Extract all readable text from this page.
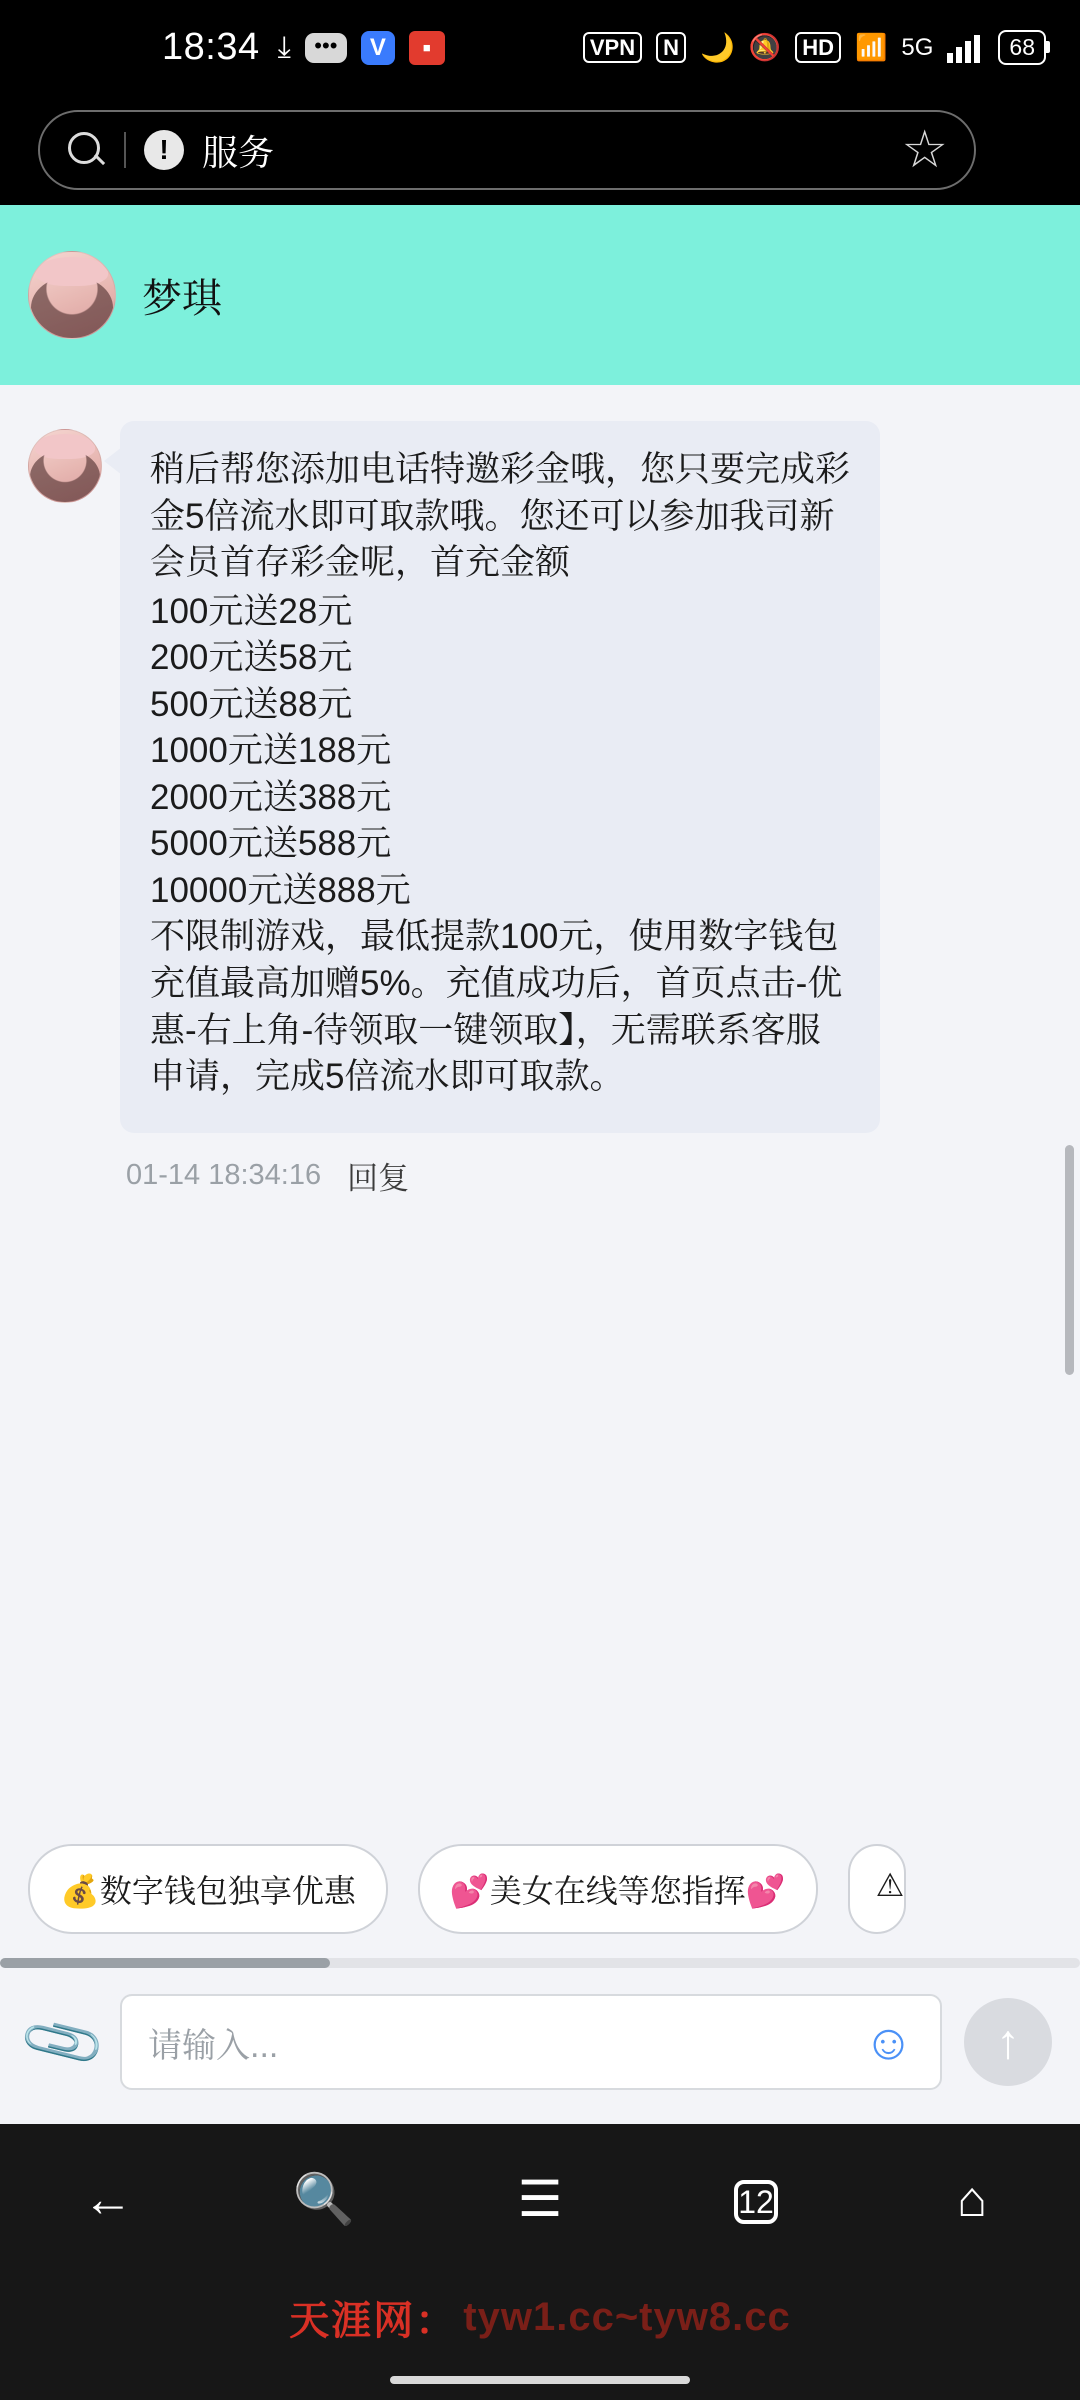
18:34 ⤓	•••	V	■	VPN	N 🌙 🔕 HD 📶 5G	68
! 服务	☆ 🅰
梦琪

稍后帮您添加电话特邀彩金哦，您只要完成彩金5倍流水即可取款哦。您还可以参加我司新会员首存彩金呢，首充金额

100元送28元

200元送58元

500元送88元

1000元送188元

2000元送388元

5000元送588元

10000元送888元

不限制游戏，最低提款100元，使用数字钱包充值最高加赠5%。充值成功后，首页点击-优惠-右上角-待领取一键领取】，无需联系客服申请，完成5倍流水即可取款。

01-14 18:34:16 回复
💰数字钱包独享优惠	💕美女在线等您指挥💕	⚠
📎 请输入...	☺	↑
←	🔍	☰	12	⌂
天涯网： tyw1.cc~tyw8.cc
